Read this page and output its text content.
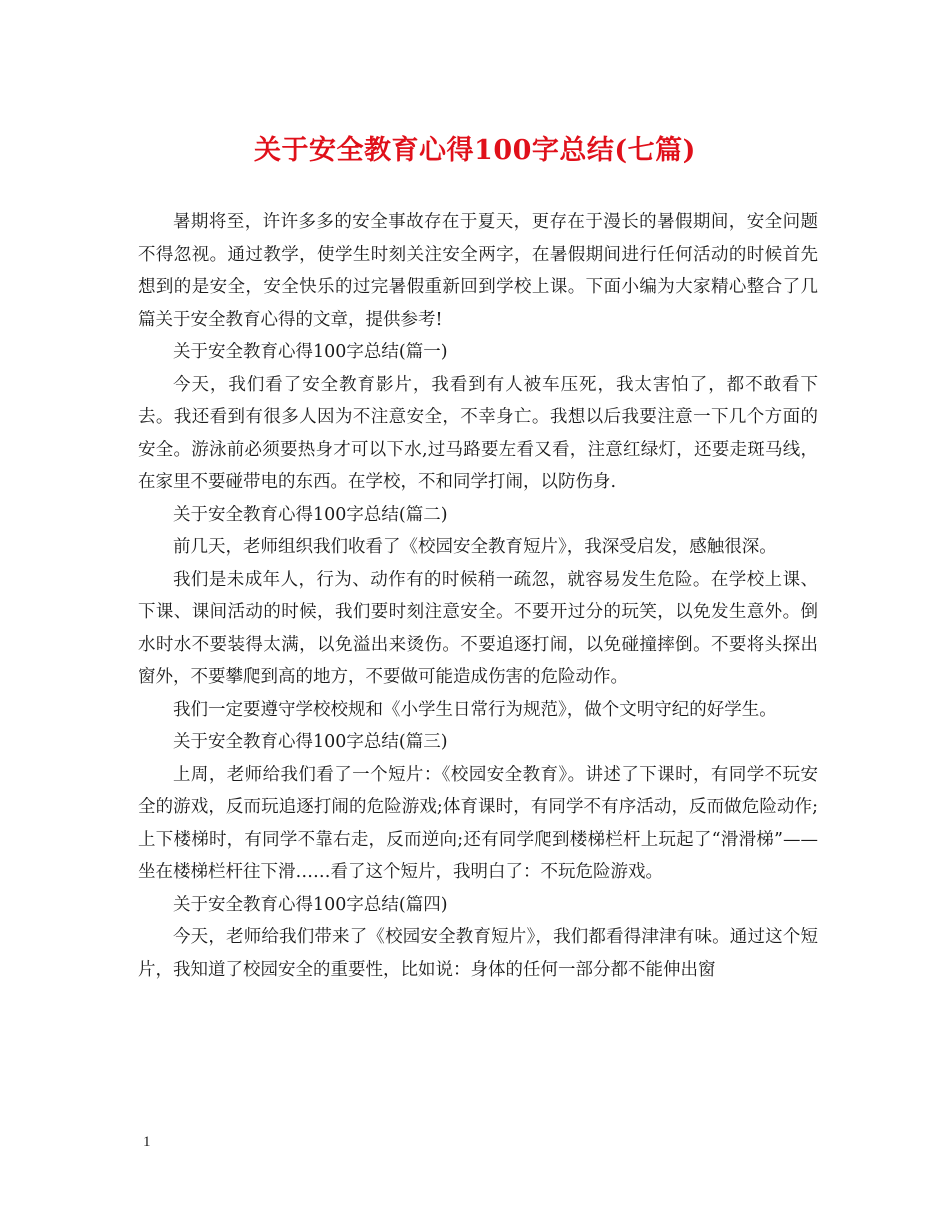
关于安全教育心得100字总结(七篇)

暑期将至，许许多多的安全事故存在于夏天，更存在于漫长的暑假期间，安全问题不得忽视。通过教学，使学生时刻关注安全两字，在暑假期间进行任何活动的时候首先想到的是安全，安全快乐的过完暑假重新回到学校上课。下面小编为大家精心整合了几篇关于安全教育心得的文章，提供参考!

关于安全教育心得100字总结(篇一)

今天，我们看了安全教育影片，我看到有人被车压死，我太害怕了，都不敢看下去。我还看到有很多人因为不注意安全，不幸身亡。我想以后我要注意一下几个方面的安全。游泳前必须要热身才可以下水,过马路要左看又看，注意红绿灯，还要走斑马线，在家里不要碰带电的东西。在学校，不和同学打闹，以防伤身.

关于安全教育心得100字总结(篇二)

前几天，老师组织我们收看了《校园安全教育短片》，我深受启发，感触很深。

我们是未成年人，行为、动作有的时候稍一疏忽，就容易发生危险。在学校上课、下课、课间活动的时候，我们要时刻注意安全。不要开过分的玩笑，以免发生意外。倒水时水不要装得太满，以免溢出来烫伤。不要追逐打闹，以免碰撞摔倒。不要将头探出窗外，不要攀爬到高的地方，不要做可能造成伤害的危险动作。

我们一定要遵守学校校规和《小学生日常行为规范》，做个文明守纪的好学生。

关于安全教育心得100字总结(篇三)

上周，老师给我们看了一个短片：《校园安全教育》。讲述了下课时，有同学不玩安全的游戏，反而玩追逐打闹的危险游戏;体育课时，有同学不有序活动，反而做危险动作;上下楼梯时，有同学不靠右走，反而逆向;还有同学爬到楼梯栏杆上玩起了“滑滑梯”——坐在楼梯栏杆往下滑……看了这个短片，我明白了：不玩危险游戏。

关于安全教育心得100字总结(篇四)

今天，老师给我们带来了《校园安全教育短片》，我们都看得津津有味。通过这个短片，我知道了校园安全的重要性，比如说：身体的任何一部分都不能伸出窗

1
